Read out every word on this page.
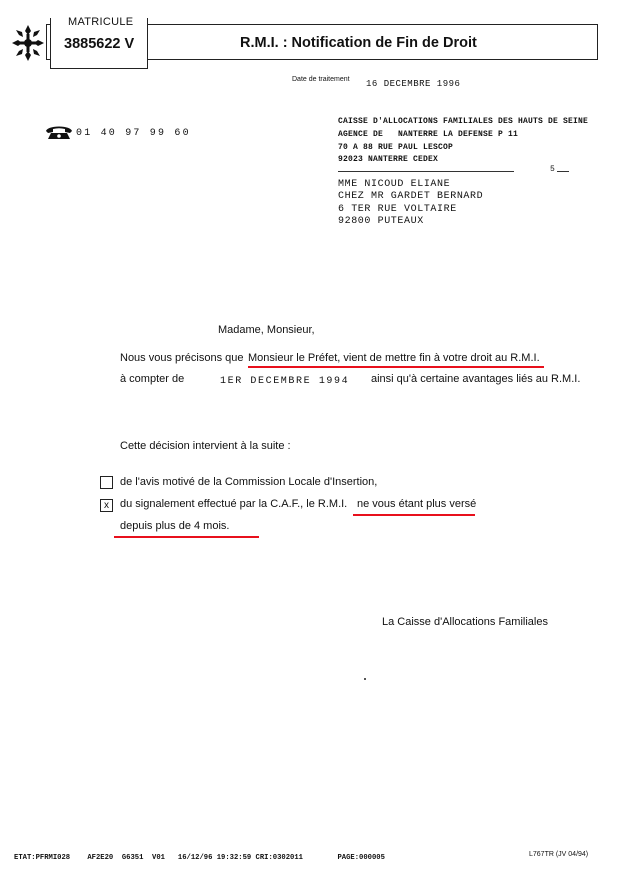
MATRICULE
3885622 V	R.M.I. : Notification de Fin de Droit
Date de traitement 16 DECEMBRE 1996
01 40 97 99 60
CAISSE D'ALLOCATIONS FAMILIALES DES HAUTS DE SEINE
AGENCE DE   NANTERRE LA DEFENSE P 11
70 A 88 RUE PAUL LESCOP
92023 NANTERRE CEDEX
5
MME NICOUD ELIANE
CHEZ MR GARDET BERNARD
6 TER RUE VOLTAIRE
92800 PUTEAUX
Madame, Monsieur,
Nous vous précisons que Monsieur le Préfet, vient de mettre fin à votre droit au R.M.I.
à compter de	1ER DECEMBRE 1994 ainsi qu'à certaine avantages liés au R.M.I.
Cette décision intervient à la suite :
de l'avis motivé de la Commission Locale d'Insertion,
x	du signalement effectué par la C.A.F., le R.M.I. ne vous étant plus versé
depuis plus de 4 mois.
La Caisse d'Allocations Familiales
ETAT:PFRMI028    AF2E20  G6351  V01   16/12/96 19:32:59 CRI:0302011        PAGE:000005	L767TR (JV 04/94)
